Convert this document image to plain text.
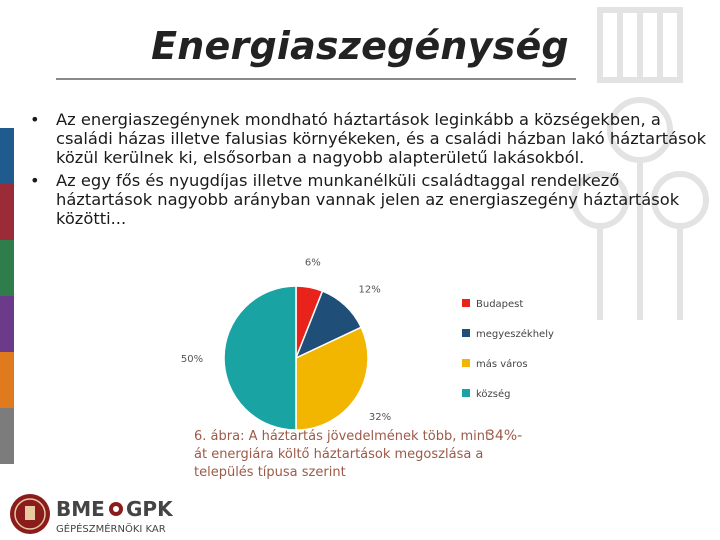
Energiaszegénység
•	Az energiaszegénynek mondható háztartások leginkább a községekben, a családi házas illetve falusias környékeken, és a családi házban lakó háztartások közül kerülnek ki, elsősorban a nagyobb alapterületű lakásokból.
•	Az egy fős és nyugdíjas illetve munkanélküli családtaggal rendelkező háztartások nagyobb arányban vannak jelen az energiaszegény háztartások közötti...
6%
12%
32%
50%
Budapest
megyeszékhely
más város
község
6. ábra: A háztartás jövedelmének több, mint
át energiára költő háztartások megoszlása a
település típusa szerint
34%-
BME GPK
GÉPÉSZMÉRNÖKI KAR
